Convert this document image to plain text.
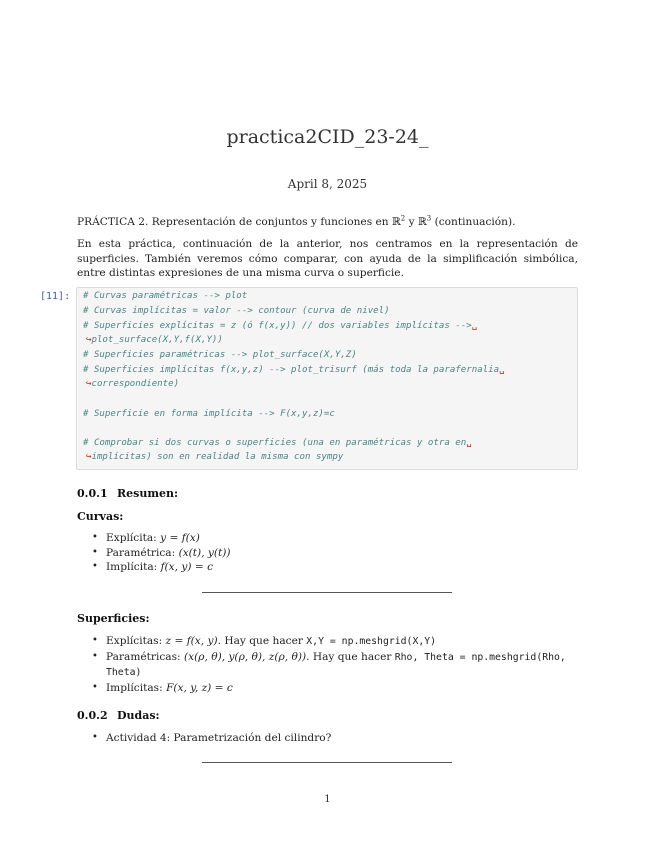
practica2CID_23-24_
April 8, 2025
PRÁCTICA 2. Representación de conjuntos y funciones en ℝ$^2$ y ℝ$^3$ (continuación).
En esta práctica, continuación de la anterior, nos centramos en la representación de superficies. También veremos cómo comparar, con ayuda de la simplificación simbólica, entre distintas expresiones de una misma curva o superficie.
[11]: # Curvas paramétricas --> plot
# Curvas implícitas = valor --> contour (curva de nivel)
# Superficies explícitas = z (ó f(x,y)) // dos variables implícitas -->␣
↪plot_surface(X,Y,f(X,Y))
# Superficies paramétricas --> plot_surface(X,Y,Z)
# Superficies implícitas f(x,y,z) --> plot_trisurf (más toda la parafernalia␣
↪correspondiente)
# Superficie en forma implícita --> F(x,y,z)=c
# Comprobar si dos curvas o superficies (una en paramétricas y otra en␣
↪implícitas) son en realidad la misma con sympy
0.0.1 Resumen:
Curvas:
• Explícita: y = f(x)
• Paramétrica: (x(t), y(t))
• Implícita: f(x, y) = c
Superficies:
• Explícitas: z = f(x, y). Hay que hacer X,Y = np.meshgrid(X,Y)
• Paramétricas: (x(ρ, θ), y(ρ, θ), z(ρ, θ)). Hay que hacer Rho, Theta = np.meshgrid(Rho, Theta)
• Implícitas: F(x, y, z) = c
0.0.2 Dudas:
• Actividad 4: Parametrización del cilindro?
1
